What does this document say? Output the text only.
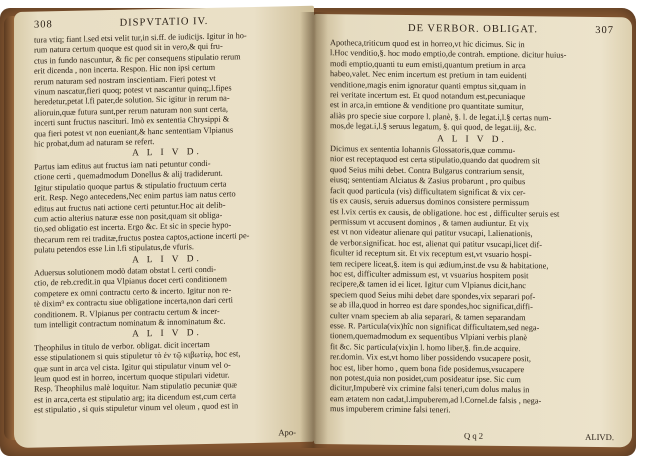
308	DISPVTATIO IV.
tura vtiq; fiant l.sed etsi velit tur,in si.ff. de iudicijs. Igitur in ho-
rum natura certum quoque est quod sit in vero,& qui fru-
ctus in fundo nascuntur, & fic per consequens stipulatio rerum
erit dicenda , non incerta. Respon. Hic non ipsi certum
rerum naturam sed nostram inscientiam. Fieri potest vt
vinum nascatur,fieri quoq; potest vt nascantur quinq;,l.fipes
heredetur,petat l.fi pater,de solution. Sic igitur in rerum na-
alioruin,quæ futura sunt,per rerum naturam non sunt certa,
incerti sunt fructus nascituri. Imò ex sententia Chrysippi &
qua fieri potest vt non eueniant,& hanc sententiam Vlpianus
hic probat,dum ad naturam se refert.
A L I V D.
Partus iam editus aut fructus iam nati petuntur condi-
ctione certi , quemadmodum Donellus & alij tradiderunt.
Igitur stipulatio quoque partus & stipulatio fructuum certa
erit. Resp. Nego antecedens,Nec enim partus iam natus certo
editus aut fructus nati actione certi petuntur.Hoc ait delib-
cum actio alterius naturæ esse non posit,quam sit obliga-
tio,sed obligatio est incerta. Ergo &c. Et sic in specie hypo-
thecarum rem rei traditæ,fructus postea captos,actione incerti pe-
pulatu petendos esse l.in l.fi stipulatus,de vfuris.
A L I V D.
Aduersus solutionem modò datam obstat l. certi condi-
ctio, de reb.credit.in qua Vlpianus docet certi conditionem
competere ex omni contractu certo & incerto. Igitur non re-
tè dixim⁹ ex contractu siue obligatione incerta,non dari certi
conditionem. R. Vlpianus per contractu certum & incer-
tum intelligit contractum nominatum & innominatum &c.
A L I V D.
Theophilus in titulo de verbor. obligat. dicit incertam
esse stipulationem si quis stipuletur τὸ ἐν τῷ κιβωτίῳ, hoc est,
quæ sunt in arca vel cista. Igitur qui stipulatur vinum vel o-
leum quod est in horreo, incertum quoque stipulari videtur.
Resp. Theophilus malè loquitur. Nam stipulatio pecuniæ quæ
est in arca,certa est stipulatio arg; ita dicendum est,cum certa
est stipulatio , si quis stipuletur vinum vel oleum , quod est in
Apo-
DE VERBOR. OBLIGAT.	307
Apotheca,triticum quod est in horreo,vt hic dicimus. Sic in
l.Hoc venditio,§. hoc modo emptio,de contrah. emptione. dicitur huius-
modi emptio,quanti tu eum emisti,quantum pretium in arca
habeo,valet. Nec enim incertum est pretium in tam euidenti
venditione,magis enim ignoratur quanti emptus sit,quam in
rei veritate incertum est. Et quod notandum est,pecuniaque
est in arca,in emtione & venditione pro quantitate sumitur,
aliàs pro specie siue corpore l. planè, §. l. de legat.i,l.§ certas num-
mos,de legat.i,l.§ seruus legatum, §. qui quod, de legat.iij, &c.
A L I V D.
Dicimus ex sententia Iohannis Glossatoris,quæ commu-
nior est receptaquod est certa stipulatio,quando dat quodrem sit
quod Seius mihi debet. Contra Bulgarus contrarium sensit,
eiusq; sententiam Alciatus & Zasius probarunt , pro quibus
facit quod particula (vis) difficultatem significat & vix cer-
tis ex causis, seruis aduersus dominos consistere permissum
est l.vix certis ex causis, de obligatione. hoc est , difficulter seruis est
permissum vt accusent dominos , & tamen audiuntur. Et vix
est vt non videatur alienare qui patitur vsucapi, l.alienationis,
de verbor.significat. hoc est, alienat qui patitur vsucapi,licet dif-
ficulter id receptum sit. Et vix receptum est,vt vsuario hospi-
tem recipere liceat,§. item is qui ædium,inst.de vsu & habitatione,
hoc est, difficulter admissum est, vt vsuarius hospitem posit
recipere,& tamen id ei licet. Igitur cum Vlpianus dicit,hanc
speciem quod Seius mihi debet dare spondes,vix separari pof-
se ab illa,quod in horreo est dare spondes,hoc significat,diffi-
culter vnam speciem ab alia separari, & tamen separandam
esse. R. Particula(vix)hîc non significat difficultatem,sed nega-
tionem,quemadmodum ex sequentibus Vlpiani verbis planè
fit &c. Sic particula(vix)in l. homo liber,§. fin.de acquire.
rer.domin. Vix est,vt homo liber possidendo vsucapere posit,
hoc est, liber homo , quem bona fide posidemus,vsucapere
non potest,quia non posidet,cum posideatur ipse. Sic cum
dicitur,Impuberè vix crimine falsi teneri,cum dolus malus in
eam ætatem non cadat,l.impuberem,ad l.Cornel.de falsis , nega-
mus impuberem crimine falsi teneri.
Q q 2	ALIVD.
